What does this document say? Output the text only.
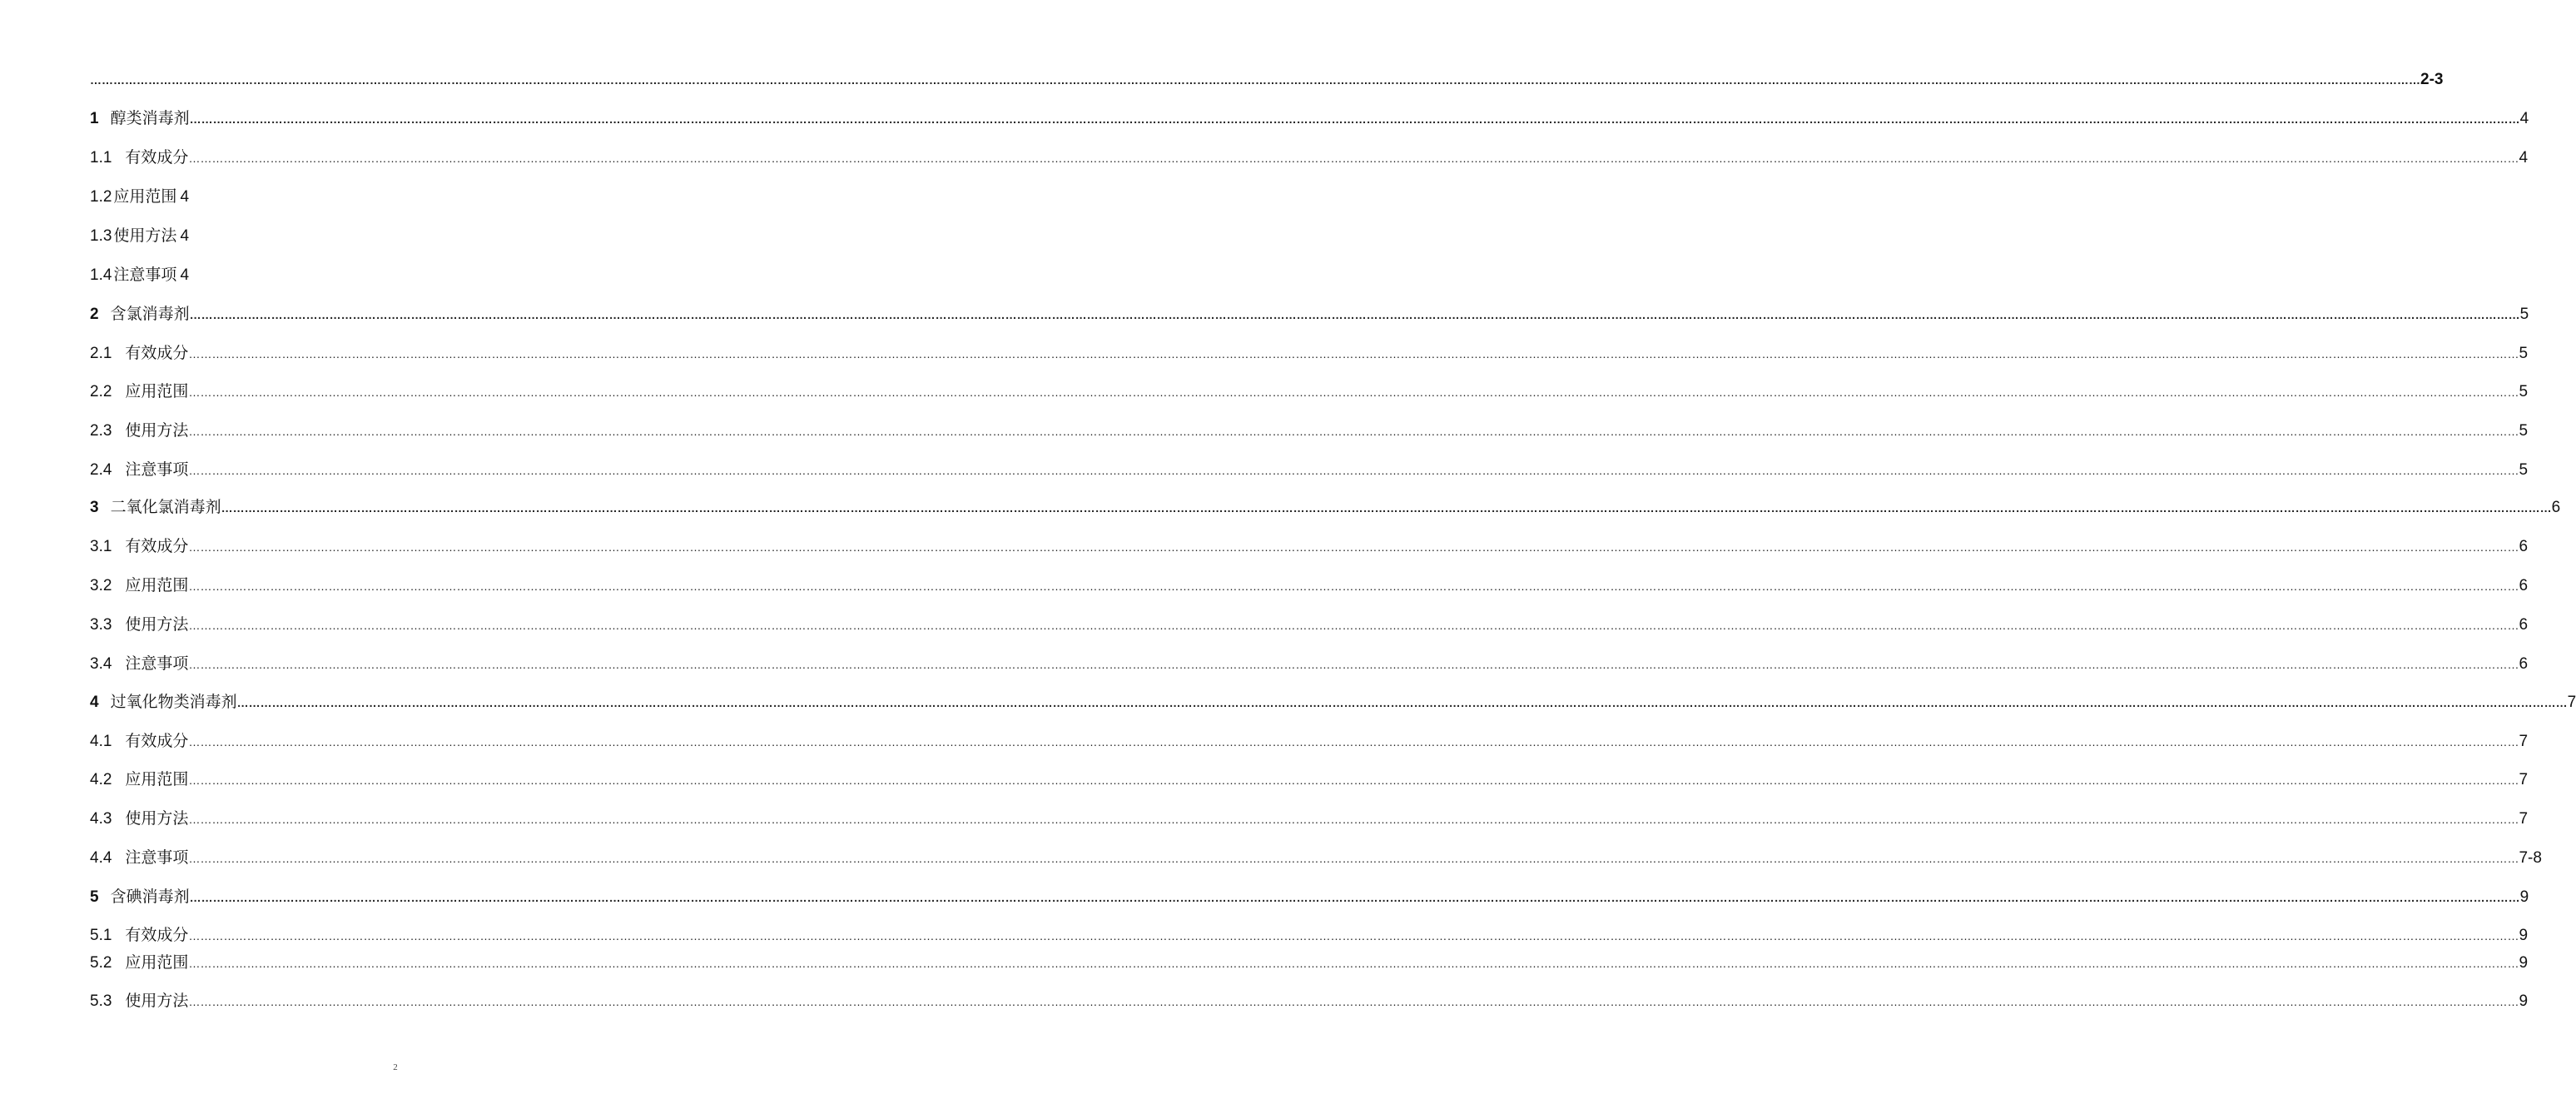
…………………………………………………………………………………………………………………………………………………………………………………………………………………………………………………………………………………………………………………………………………………………………………………………………………………………………………………………………………………………………………………………………………………… 2-3
1 醇类消毒剂 …………………………………………………………………………………………………………………………………………………………………………………………………………………………………………………………………………………………………………………………………………………………………………………………………………………………………………………………………………………………………………………………………………………… 4
1.1 有效成分 …………………………………………………………………………………………………………………………………………………………………………………………………………………………………………………………………………………………………………………………………………………………………………………………………………………………………………………………………………………………………………………………………………………… 4
1.2 应用范围 4
1.3 使用方法 4
1.4 注意事项 4
2 含氯消毒剂 …………………………………………………………………………………………………………………………………………………………………………………………………………………………………………………………………………………………………………………………………………………………………………………………………………………………………………………………………………………………………………………………………………………… 5
2.1 有效成分 …………………………………………………………………………………………………………………………………………………………………………………………………………………………………………………………………………………………………………………………………………………………………………………………………………………………………………………………………………………………………………………………………………………… 5
2.2 应用范围 …………………………………………………………………………………………………………………………………………………………………………………………………………………………………………………………………………………………………………………………………………………………………………………………………………………………………………………………………………………………………………………………………………………… 5
2.3 使用方法 …………………………………………………………………………………………………………………………………………………………………………………………………………………………………………………………………………………………………………………………………………………………………………………………………………………………………………………………………………………………………………………………………………………… 5
2.4 注意事项 …………………………………………………………………………………………………………………………………………………………………………………………………………………………………………………………………………………………………………………………………………………………………………………………………………………………………………………………………………………………………………………………………………………… 5
3 二氧化氯消毒剂 …………………………………………………………………………………………………………………………………………………………………………………………………………………………………………………………………………………………………………………………………………………………………………………………………………………………………………………………………………………………………………………………………………………… 6
3.1 有效成分 …………………………………………………………………………………………………………………………………………………………………………………………………………………………………………………………………………………………………………………………………………………………………………………………………………………………………………………………………………………………………………………………………………………… 6
3.2 应用范围 …………………………………………………………………………………………………………………………………………………………………………………………………………………………………………………………………………………………………………………………………………………………………………………………………………………………………………………………………………………………………………………………………………………… 6
3.3 使用方法 …………………………………………………………………………………………………………………………………………………………………………………………………………………………………………………………………………………………………………………………………………………………………………………………………………………………………………………………………………………………………………………………………………………… 6
3.4 注意事项 …………………………………………………………………………………………………………………………………………………………………………………………………………………………………………………………………………………………………………………………………………………………………………………………………………………………………………………………………………………………………………………………………………………… 6
4 过氧化物类消毒剂 …………………………………………………………………………………………………………………………………………………………………………………………………………………………………………………………………………………………………………………………………………………………………………………………………………………………………………………………………………………………………………………………………………………… 7
4.1 有效成分 …………………………………………………………………………………………………………………………………………………………………………………………………………………………………………………………………………………………………………………………………………………………………………………………………………………………………………………………………………………………………………………………………………………… 7
4.2 应用范围 …………………………………………………………………………………………………………………………………………………………………………………………………………………………………………………………………………………………………………………………………………………………………………………………………………………………………………………………………………………………………………………………………………………… 7
4.3 使用方法 …………………………………………………………………………………………………………………………………………………………………………………………………………………………………………………………………………………………………………………………………………………………………………………………………………………………………………………………………………………………………………………………………………………… 7
4.4 注意事项 …………………………………………………………………………………………………………………………………………………………………………………………………………………………………………………………………………………………………………………………………………………………………………………………………………………………………………………………………………………………………………………………………………………… 7-8
5 含碘消毒剂 …………………………………………………………………………………………………………………………………………………………………………………………………………………………………………………………………………………………………………………………………………………………………………………………………………………………………………………………………………………………………………………………………………………… 9
5.1 有效成分 …………………………………………………………………………………………………………………………………………………………………………………………………………………………………………………………………………………………………………………………………………………………………………………………………………………………………………………………………………………………………………………………………………………… 9
5.2 应用范围 …………………………………………………………………………………………………………………………………………………………………………………………………………………………………………………………………………………………………………………………………………………………………………………………………………………………………………………………………………………………………………………………………………………… 9
5.3 使用方法 …………………………………………………………………………………………………………………………………………………………………………………………………………………………………………………………………………………………………………………………………………………………………………………………………………………………………………………………………………………………………………………………………………………… 9
2
